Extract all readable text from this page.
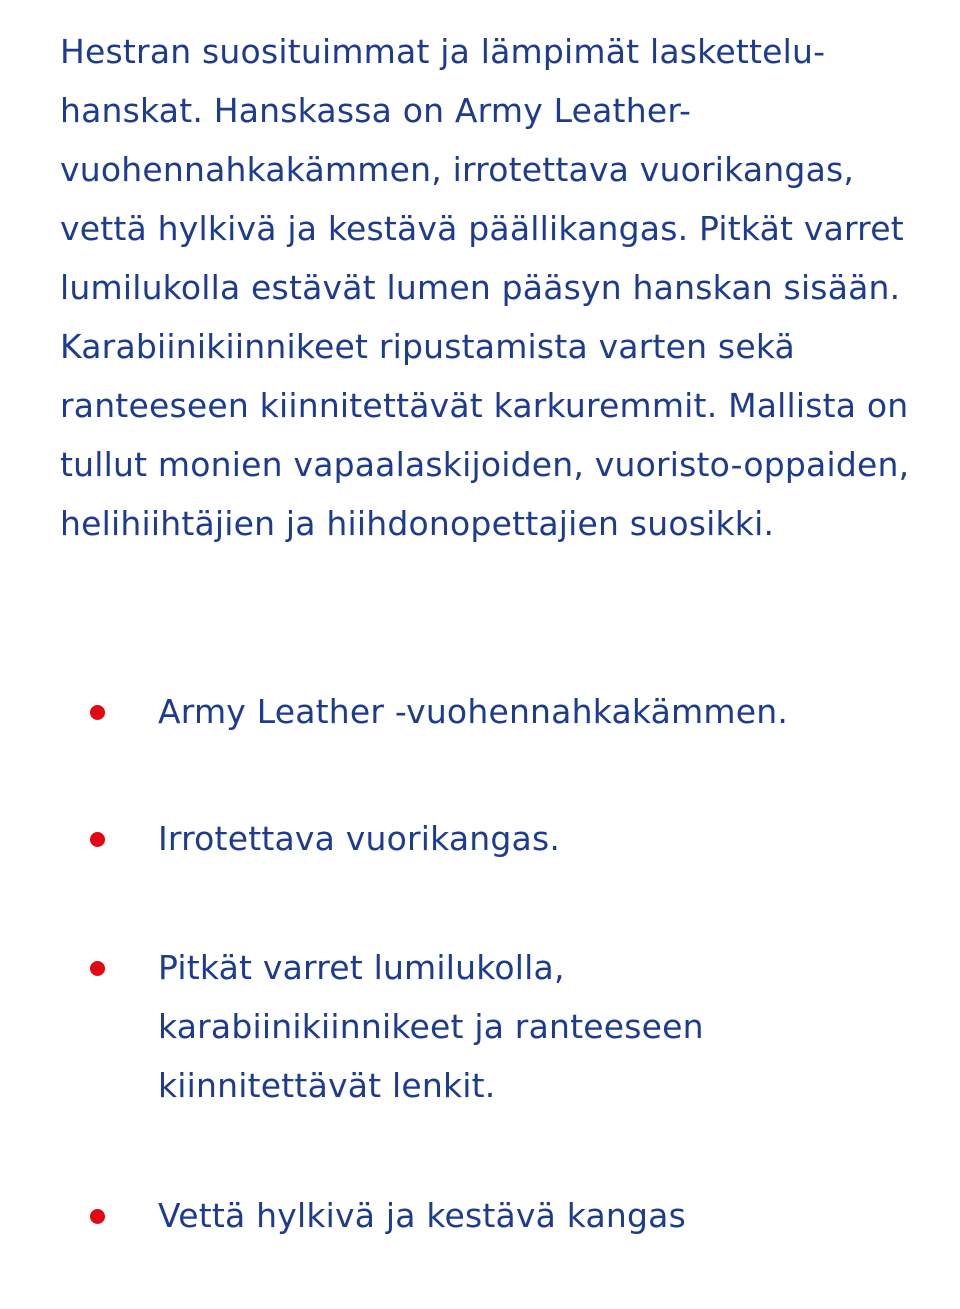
Hestran suosituimmat ja lämpimät lasketteluhanskat. Hanskassa on Army Leather-vuohennahkakämmen, irrotettava vuorikangas, vettä hylkivä ja kestävä päällikangas. Pitkät varret lumilukolla estävät lumen pääsyn hanskan sisään. Karabiinikiinnikeet ripustamista varten sekä ranteeseen kiinnitettävät karkuremmit. Mallista on tullut monien vapaalaskijoiden, vuoristo-oppaiden, helihiihtäjien ja hiihdonopettajien suosikki.

Army Leather -vuohennahkakämmen.
Irrotettava vuorikangas.
Pitkät varret lumilukolla, karabiinikiinnikeet ja ranteeseen kiinnitettävät lenkit.
Vettä hylkivä ja kestävä kangas
